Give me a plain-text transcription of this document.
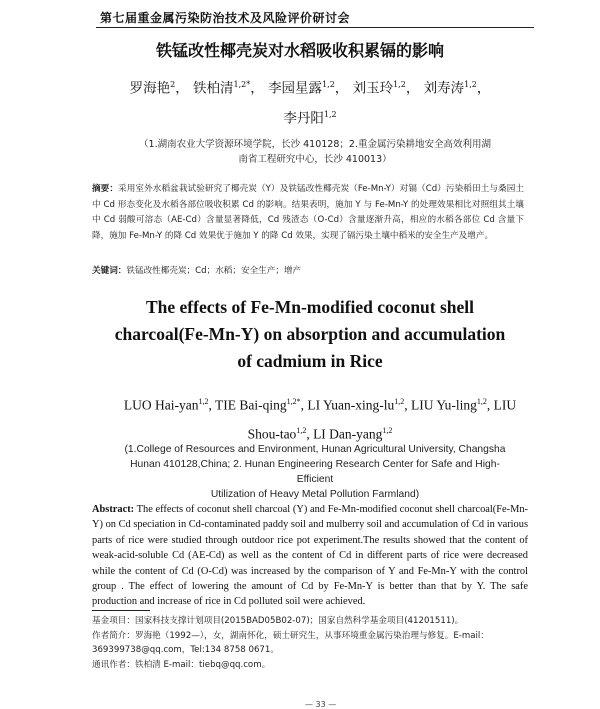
第七届重金属污染防治技术及风险评价研讨会
铁锰改性椰壳炭对水稻吸收积累镉的影响
罗海艳$^2$， 铁柏清$^{1,2*}$， 李园星露$^{1,2}$， 刘玉玲$^{1,2}$， 刘寿涛$^{1,2}$，
李丹阳$^{1,2}$

（1.湖南农业大学资源环境学院，长沙 410128；2.重金属污染耕地安全高效利用湖

南省工程研究中心，长沙 410013）

摘要：采用室外水稻盆栽试验研究了椰壳炭（Y）及铁锰改性椰壳炭（Fe-Mn-Y）对镉（Cd）污染稻田土与桑园土中 Cd 形态变化及水稻各部位吸收积累 Cd 的影响。结果表明，施加 Y 与 Fe-Mn-Y 的处理效果相比对照组其土壤中 Cd 弱酸可溶态（AE-Cd）含量显著降低，Cd 残渣态（O-Cd）含量逐渐升高，相应的水稻各部位 Cd 含量下降，施加 Fe-Mn-Y 的降 Cd 效果优于施加 Y 的降 Cd 效果，实现了镉污染土壤中稻米的安全生产及增产。
关键词：铁锰改性椰壳炭；Cd；水稻；安全生产；增产

The effects of Fe-Mn-modified coconut shell

charcoal(Fe-Mn-Y) on absorption and accumulation

of cadmium in Rice

LUO Hai-yan$^{1,2}$, TIE Bai-qing$^{1,2*}$, LI Yuan-xing-lu$^{1,2}$, LIU Yu-ling$^{1,2}$, LIU Shou-tao$^{1,2}$, LI Dan-yang$^{1,2}$

(1.College of Resources and Environment, Hunan Agricultural University, Changsha

Hunan 410128,China; 2. Hunan Engineering Research Center for Safe and High-Efficient

Utilization of Heavy Metal Pollution Farmland)

Abstract: The effects of coconut shell charcoal (Y) and Fe-Mn-modified coconut shell charcoal(Fe-Mn-Y) on Cd speciation in Cd-contaminated paddy soil and mulberry soil and accumulation of Cd in various parts of rice were studied through outdoor rice pot experiment.The results showed that the content of weak-acid-soluble Cd (AE-Cd) as well as the content of Cd in different parts of rice were decreased while the content of Cd (O-Cd) was increased by the comparison of Y and Fe-Mn-Y with the control group . The effect of lowering the amount of Cd by Fe-Mn-Y is better than that by Y. The safe production and increase of rice in Cd polluted soil were achieved.

基金项目：国家科技支撑计划项目(2015BAD05B02-07)；国家自然科学基金项目(41201511)。

作者简介：罗海艳（1992—），女，湖南怀化，硕士研究生，从事环境重金属污染治理与修复。E-mail：

369399738@qq.com，Tel:134 8758 0671。

通讯作者：铁柏清 E-mail：tiebq@qq.com。

— 33 —
